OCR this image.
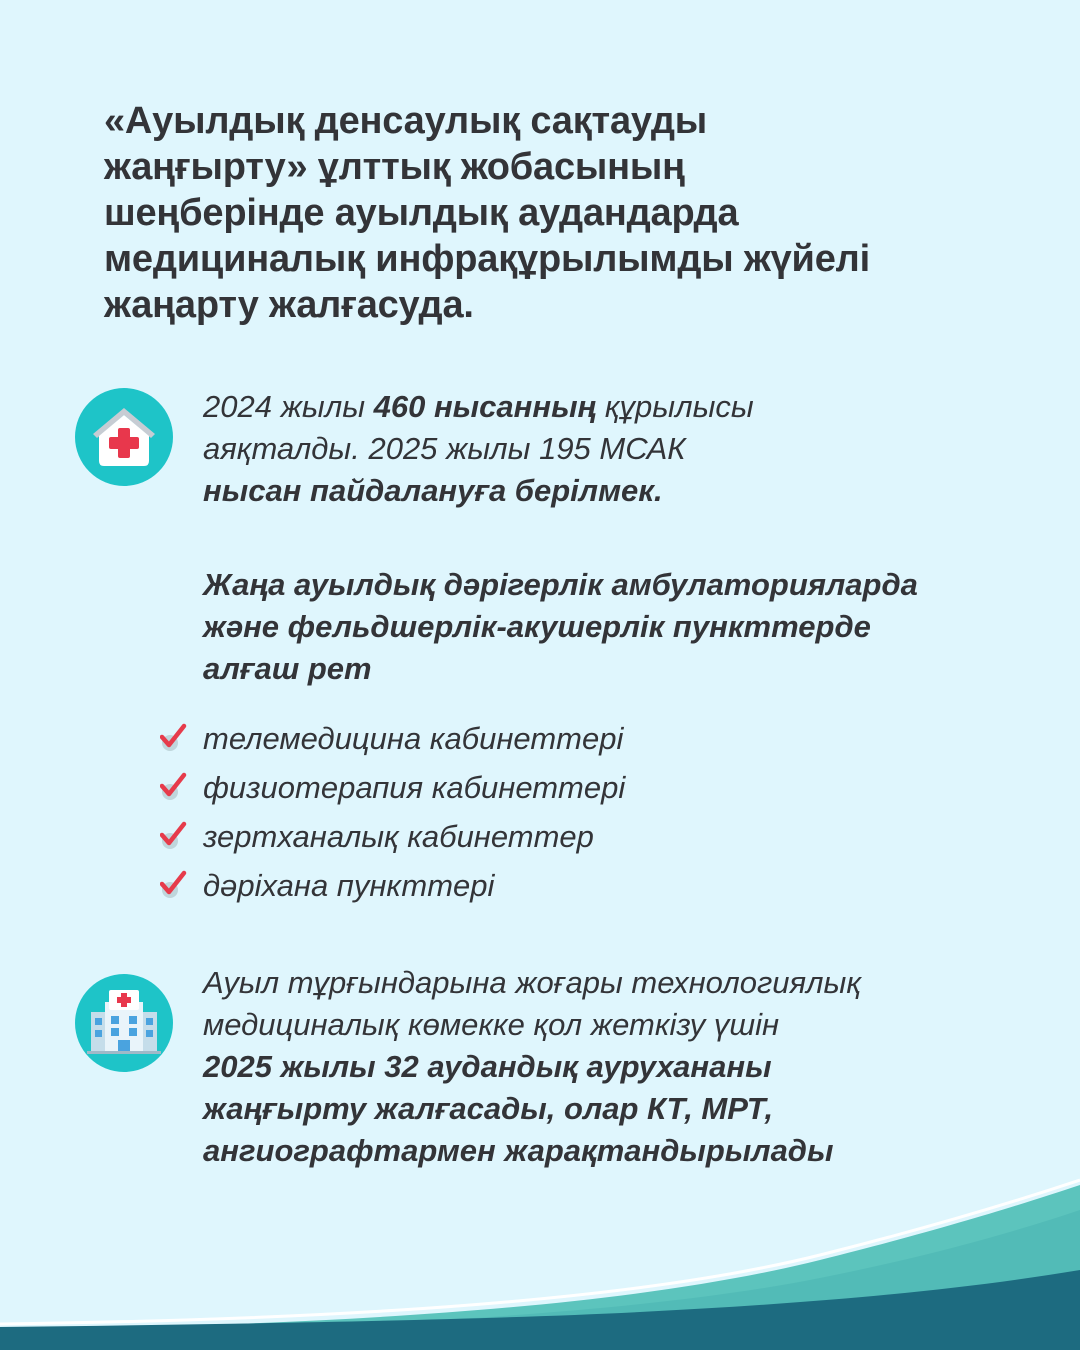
«Ауылдық денсаулық сақтауды
жаңғырту» ұлттық жобасының
шеңберінде ауылдық аудандарда
медициналық инфрақұрылымды жүйелі
жаңарту жалғасуда.

2024 жылы 460 нысанның құрылысы
аяқталды. 2025 жылы 195 МСАК
нысан пайдалануға берілмек.

Жаңа ауылдық дәрігерлік амбулаторияларда
және фельдшерлік-акушерлік пункттерде
алғаш рет

телемедицина кабинеттері
физиотерапия кабинеттері
зертханалық кабинеттер
дәріхана пункттері

Ауыл тұрғындарына жоғары технологиялық
медициналық көмекке қол жеткізу үшін
2025 жылы 32 аудандық аурухананы
жаңғырту жалғасады, олар КТ, МРТ,
ангиографтармен жарақтандырылады
